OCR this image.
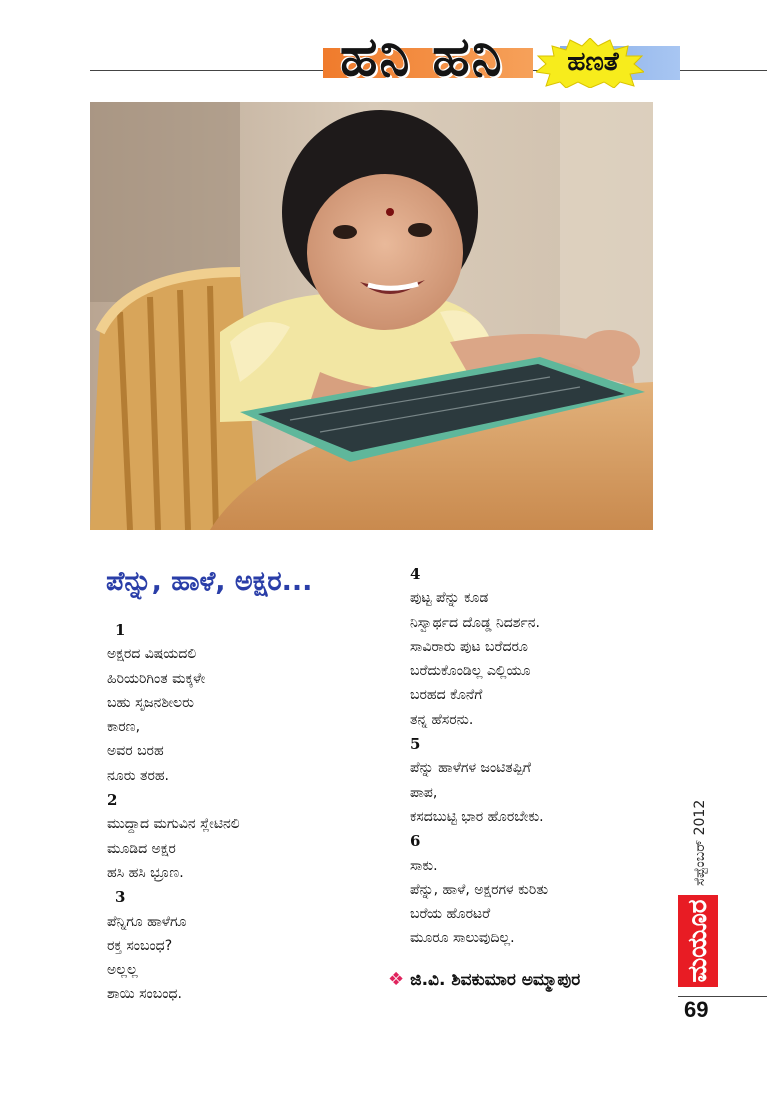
ಹನಿ ಹನಿ	ಹಣತೆ
ಪೆನ್ನು, ಹಾಳೆ, ಅಕ್ಷರ...
1
ಅಕ್ಷರದ ವಿಷಯದಲಿ
ಹಿರಿಯರಿಗಿಂತ ಮಕ್ಕಳೇ
ಬಹು ಸೃಜನಶೀಲರು
ಕಾರಣ,
ಅವರ ಬರಹ
ನೂರು ತರಹ.
2
ಮುದ್ದಾದ ಮಗುವಿನ ಸ್ಲೇಟಿನಲಿ
ಮೂಡಿದ ಅಕ್ಷರ
ಹಸಿ ಹಸಿ ಭ್ರೂಣ.
3
ಪೆನ್ನಿಗೂ ಹಾಳೆಗೂ
ರಕ್ತ ಸಂಬಂಧ?
ಅಲ್ಲಲ್ಲ
ಶಾಯಿ ಸಂಬಂಧ.
4
ಪುಟ್ಟ ಪೆನ್ನು ಕೂಡ
ನಿಸ್ವಾರ್ಥದ ದೊಡ್ಡ ನಿದರ್ಶನ.
ಸಾವಿರಾರು ಪುಟ ಬರೆದರೂ
ಬರೆದುಕೊಂಡಿಲ್ಲ ಎಲ್ಲಿಯೂ
ಬರಹದ ಕೊನೆಗೆ
ತನ್ನ ಹೆಸರನು.
5
ಪೆನ್ನು ಹಾಳೆಗಳ ಜಂಟಿತಪ್ಪಿಗೆ
ಪಾಪ,
ಕಸದಬುಟ್ಟಿ ಭಾರ ಹೊರಬೇಕು.
6
ಸಾಕು.
ಪೆನ್ನು, ಹಾಳೆ, ಅಕ್ಷರಗಳ ಕುರಿತು
ಬರೆಯ ಹೊರಟರೆ
ಮೂರೂ ಸಾಲುವುದಿಲ್ಲ.
❖ ಜಿ.ವಿ. ಶಿವಕುಮಾರ ಅಮ್ಮಾಪುರ
ಸೆಪ್ಟೆಂಬರ್ 2012
ಮಯೂರ
69
